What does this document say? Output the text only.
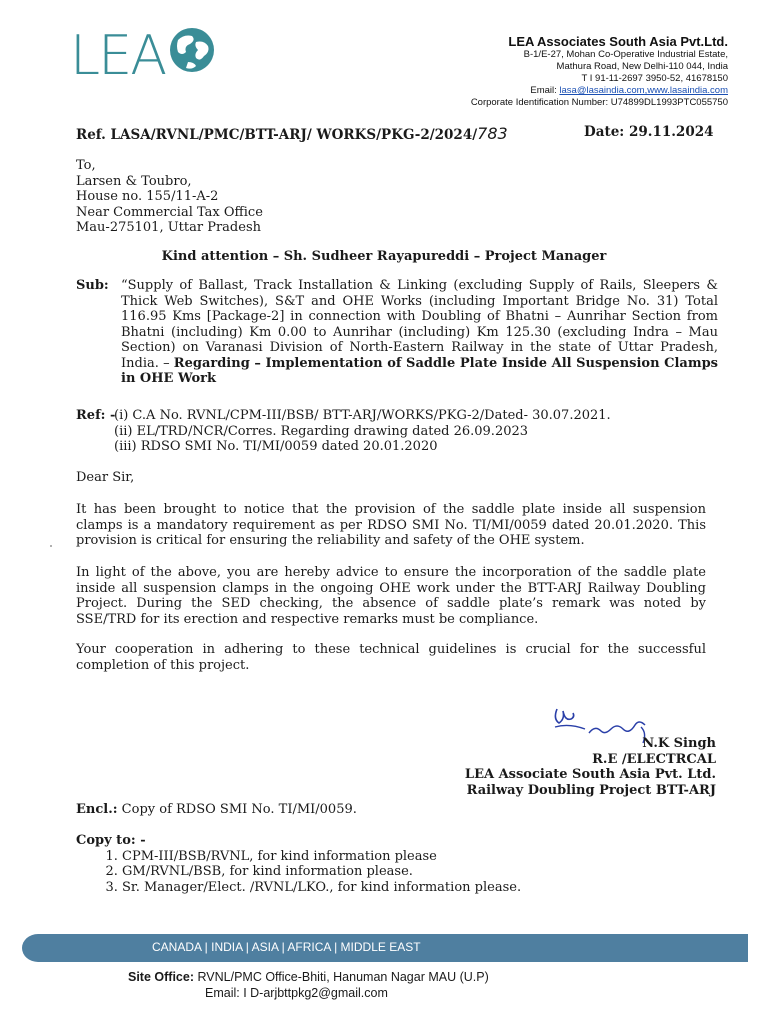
LEA	LEA Associates South Asia Pvt.Ltd.
B-1/E-27, Mohan Co-Operative Industrial Estate,
Mathura Road, New Delhi-110 044, India
T I 91-11-2697 3950-52, 41678150
Email: lasa@lasaindia.com,www.lasaindia.com
Corporate Identification Number: U74899DL1993PTC055750
Ref. LASA/RVNL/PMC/BTT-ARJ/ WORKS/PKG-2/2024/783	Date: 29.11.2024
To,
Larsen & Toubro,
House no. 155/11-A-2
Near Commercial Tax Office
Mau-275101, Uttar Pradesh
Kind attention – Sh. Sudheer Rayapureddi – Project Manager
Sub: “Supply of Ballast, Track Installation & Linking (excluding Supply of Rails, Sleepers & Thick Web Switches), S&T and OHE Works (including Important Bridge No. 31) Total 116.95 Kms [Package-2] in connection with Doubling of Bhatni – Aunrihar Section from Bhatni (including) Km 0.00 to Aunrihar (including) Km 125.30 (excluding Indra – Mau Section) on Varanasi Division of North-Eastern Railway in the state of Uttar Pradesh, India. – Regarding – Implementation of Saddle Plate Inside All Suspension Clamps in OHE Work
Ref: -
(i) C.A No. RVNL/CPM-III/BSB/ BTT-ARJ/WORKS/PKG-2/Dated- 30.07.2021.
(ii) EL/TRD/NCR/Corres. Regarding drawing dated 26.09.2023
(iii) RDSO SMI No. TI/MI/0059 dated 20.01.2020
Dear Sir,
It has been brought to notice that the provision of the saddle plate inside all suspension clamps is a mandatory requirement as per RDSO SMI No. TI/MI/0059 dated 20.01.2020. This provision is critical for ensuring the reliability and safety of the OHE system.
In light of the above, you are hereby advice to ensure the incorporation of the saddle plate inside all suspension clamps in the ongoing OHE work under the BTT-ARJ Railway Doubling Project. During the SED checking, the absence of saddle plate’s remark was noted by SSE/TRD for its erection and respective remarks must be compliance.
Your cooperation in adhering to these technical guidelines is crucial for the successful completion of this project.
N.K Singh
R.E /ELECTRCAL
LEA Associate South Asia Pvt. Ltd.
Railway Doubling Project BTT-ARJ
Encl.: Copy of RDSO SMI No. TI/MI/0059.
Copy to: -
1. CPM-III/BSB/RVNL, for kind information please
2. GM/RVNL/BSB, for kind information please.
3. Sr. Manager/Elect. /RVNL/LKO., for kind information please.
CANADA | INDIA | ASIA | AFRICA | MIDDLE EAST
Site Office: RVNL/PMC Office-Bhiti, Hanuman Nagar MAU (U.P)
Email: I D-arjbttpkg2@gmail.com
